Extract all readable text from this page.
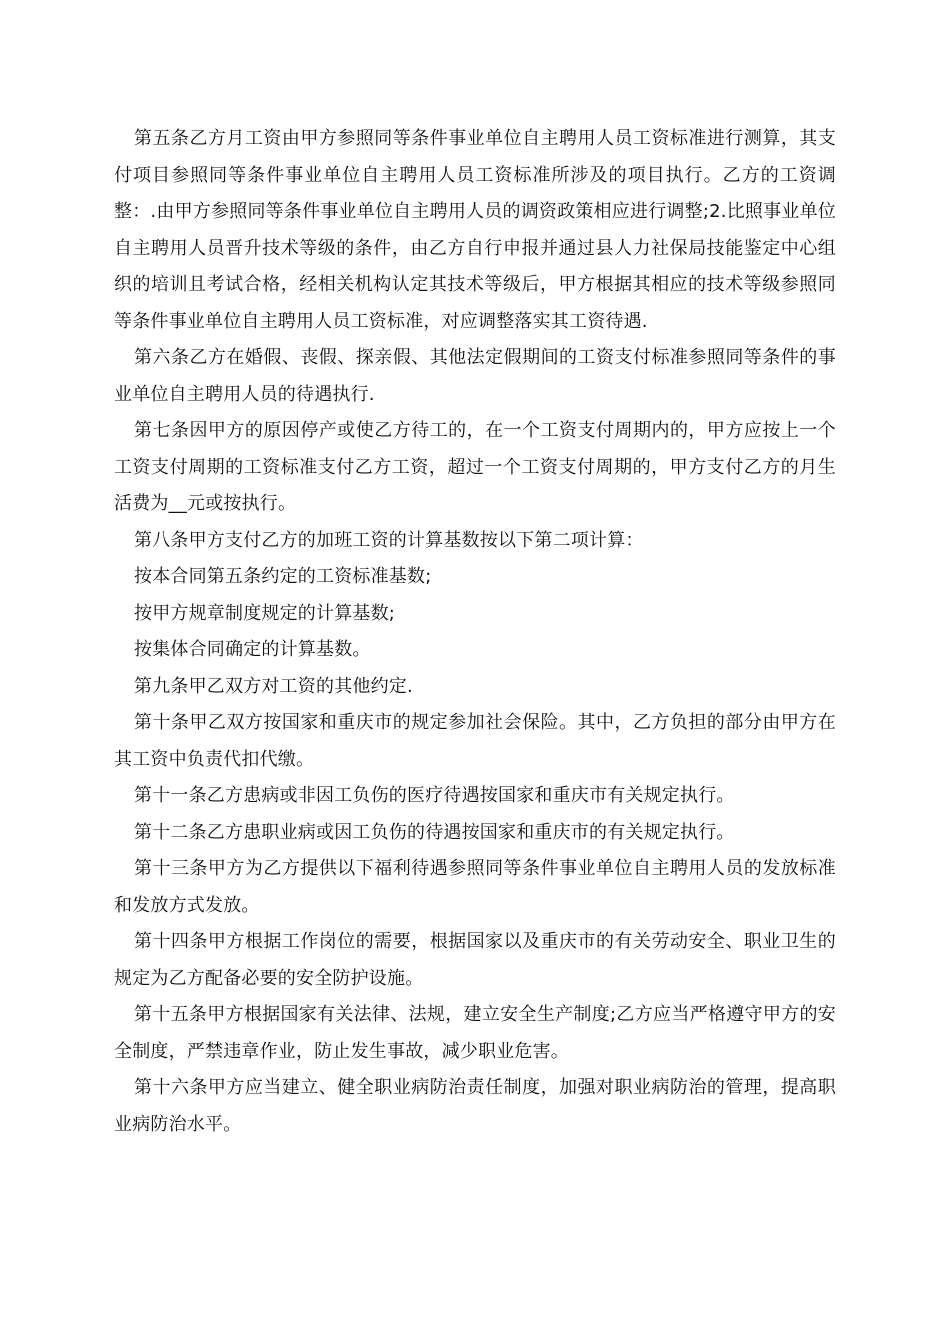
第五条乙方月工资由甲方参照同等条件事业单位自主聘用人员工资标准进行测算，其支付项目参照同等条件事业单位自主聘用人员工资标准所涉及的项目执行。乙方的工资调整：.由甲方参照同等条件事业单位自主聘用人员的调资政策相应进行调整;2.比照事业单位自主聘用人员晋升技术等级的条件，由乙方自行申报并通过县人力社保局技能鉴定中心组织的培训且考试合格，经相关机构认定其技术等级后，甲方根据其相应的技术等级参照同等条件事业单位自主聘用人员工资标准，对应调整落实其工资待遇.

第六条乙方在婚假、丧假、探亲假、其他法定假期间的工资支付标准参照同等条件的事业单位自主聘用人员的待遇执行.

第七条因甲方的原因停产或使乙方待工的，在一个工资支付周期内的，甲方应按上一个工资支付周期的工资标准支付乙方工资，超过一个工资支付周期的，甲方支付乙方的月生活费为__元或按执行。

第八条甲方支付乙方的加班工资的计算基数按以下第二项计算：

按本合同第五条约定的工资标准基数;

按甲方规章制度规定的计算基数;

按集体合同确定的计算基数。

第九条甲乙双方对工资的其他约定.

第十条甲乙双方按国家和重庆市的规定参加社会保险。其中，乙方负担的部分由甲方在其工资中负责代扣代缴。

第十一条乙方患病或非因工负伤的医疗待遇按国家和重庆市有关规定执行。

第十二条乙方患职业病或因工负伤的待遇按国家和重庆市的有关规定执行。

第十三条甲方为乙方提供以下福利待遇参照同等条件事业单位自主聘用人员的发放标准和发放方式发放。

第十四条甲方根据工作岗位的需要，根据国家以及重庆市的有关劳动安全、职业卫生的规定为乙方配备必要的安全防护设施。

第十五条甲方根据国家有关法律、法规，建立安全生产制度;乙方应当严格遵守甲方的安全制度，严禁违章作业，防止发生事故，减少职业危害。

第十六条甲方应当建立、健全职业病防治责任制度，加强对职业病防治的管理，提高职业病防治水平。
